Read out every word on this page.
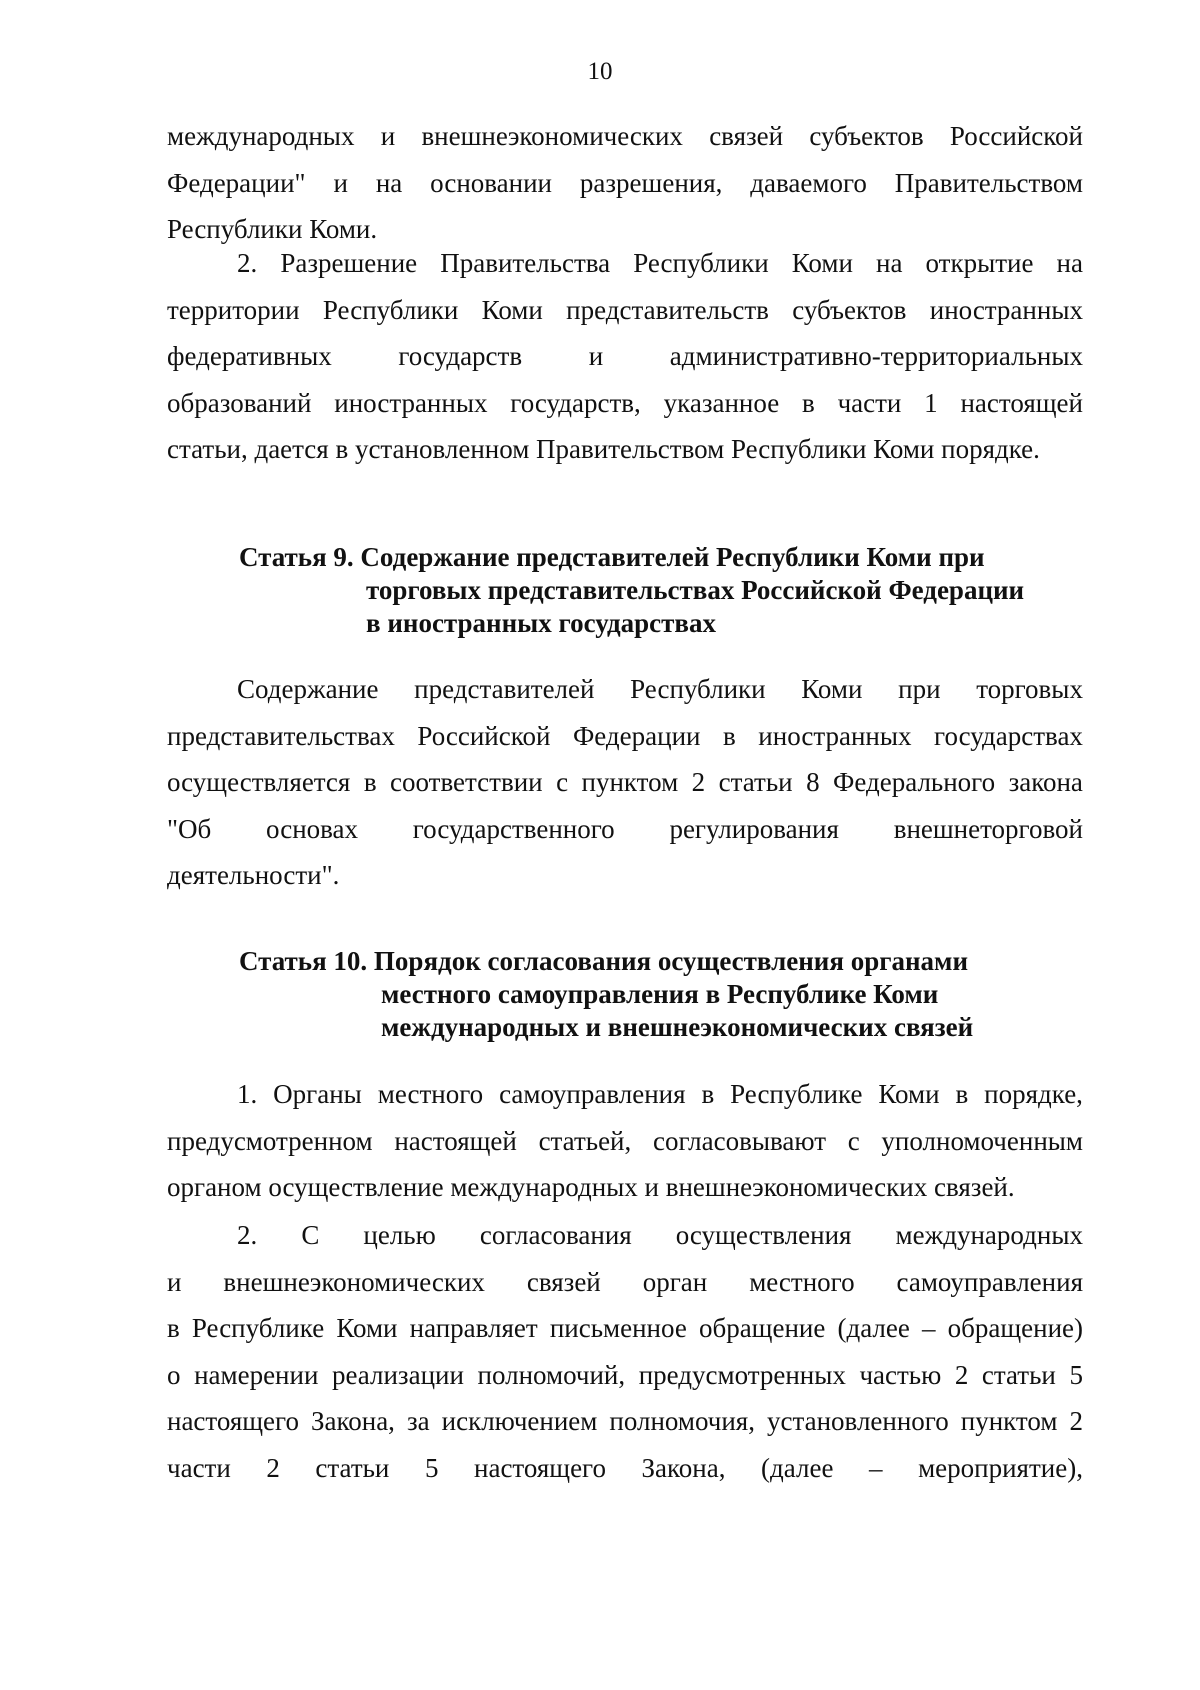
10
международных и внешнеэкономических связей субъектов Российской
Федерации" и на основании разрешения, даваемого Правительством
Республики Коми.
2. Разрешение Правительства Республики Коми на открытие на
территории Республики Коми представительств субъектов иностранных
федеративных государств и административно-территориальных
образований иностранных государств, указанное в части 1 настоящей
статьи, дается в установленном Правительством Республики Коми порядке.
Статья 9. Содержание представителей Республики Коми при
торговых представительствах Российской Федерации
в иностранных государствах
Содержание представителей Республики Коми при торговых
представительствах Российской Федерации в иностранных государствах
осуществляется в соответствии с пунктом 2 статьи 8 Федерального закона
"Об основах государственного регулирования внешнеторговой
деятельности".
Статья 10. Порядок согласования осуществления органами
местного самоуправления в Республике Коми
международных и внешнеэкономических связей
1. Органы местного самоуправления в Республике Коми в порядке,
предусмотренном настоящей статьей, согласовывают с уполномоченным
органом осуществление международных и внешнеэкономических связей.
2. С целью согласования осуществления международных
и внешнеэкономических связей орган местного самоуправления
в Республике Коми направляет письменное обращение (далее – обращение)
о намерении реализации полномочий, предусмотренных частью 2 статьи 5
настоящего Закона, за исключением полномочия, установленного пунктом 2
части 2 статьи 5 настоящего Закона, (далее – мероприятие),
